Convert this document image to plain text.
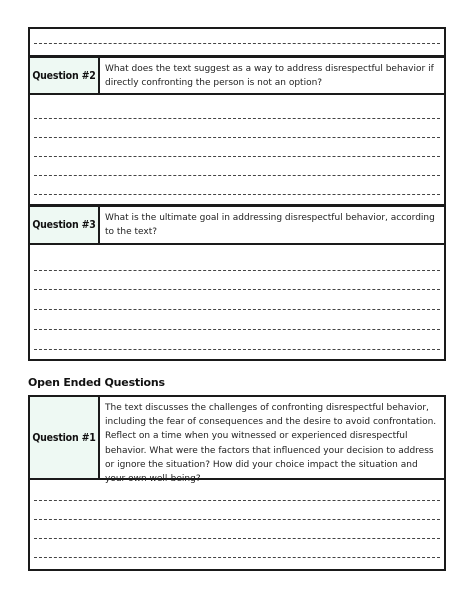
Question #2
What does the text suggest as a way to address disrespectful behavior if directly confronting the person is not an option?
Question #3
What is the ultimate goal in addressing disrespectful behavior, according to the text?
Open Ended Questions
Question #1
The text discusses the challenges of confronting disrespectful behavior, including the fear of consequences and the desire to avoid confrontation. Reflect on a time when you witnessed or experienced disrespectful behavior. What were the factors that influenced your decision to address or ignore the situation? How did your choice impact the situation and your own well-being?
